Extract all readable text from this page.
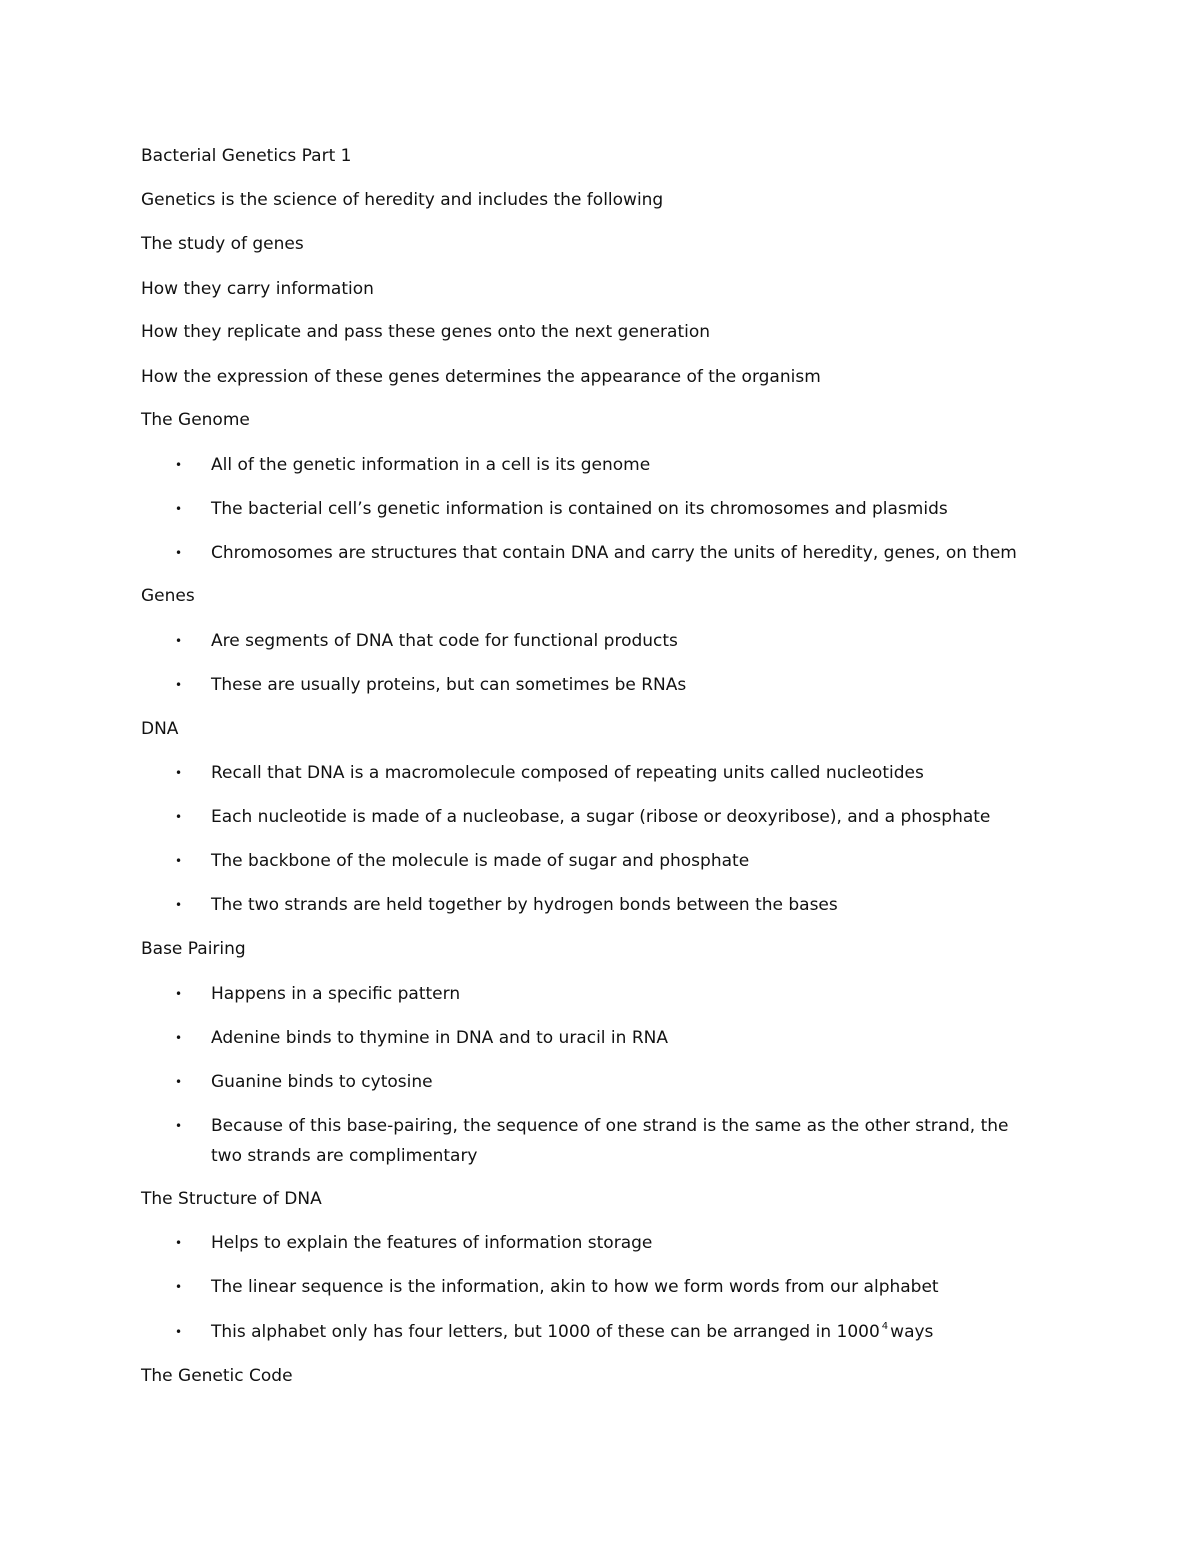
Bacterial Genetics Part 1
Genetics is the science of heredity and includes the following
The study of genes
How they carry information
How they replicate and pass these genes onto the next generation
How the expression of these genes determines the appearance of the organism
The Genome
• All of the genetic information in a cell is its genome
• The bacterial cell’s genetic information is contained on its chromosomes and plasmids
• Chromosomes are structures that contain DNA and carry the units of heredity, genes, on them
Genes
• Are segments of DNA that code for functional products
• These are usually proteins, but can sometimes be RNAs
DNA
• Recall that DNA is a macromolecule composed of repeating units called nucleotides
• Each nucleotide is made of a nucleobase, a sugar (ribose or deoxyribose), and a phosphate
• The backbone of the molecule is made of sugar and phosphate
• The two strands are held together by hydrogen bonds between the bases
Base Pairing
• Happens in a specific pattern
• Adenine binds to thymine in DNA and to uracil in RNA
• Guanine binds to cytosine
• Because of this base-pairing, the sequence of one strand is the same as the other strand, the
two strands are complimentary
The Structure of DNA
• Helps to explain the features of information storage
• The linear sequence is the information, akin to how we form words from our alphabet
• This alphabet only has four letters, but 1000 of these can be arranged in 1000 $^4$ ways
The Genetic Code
